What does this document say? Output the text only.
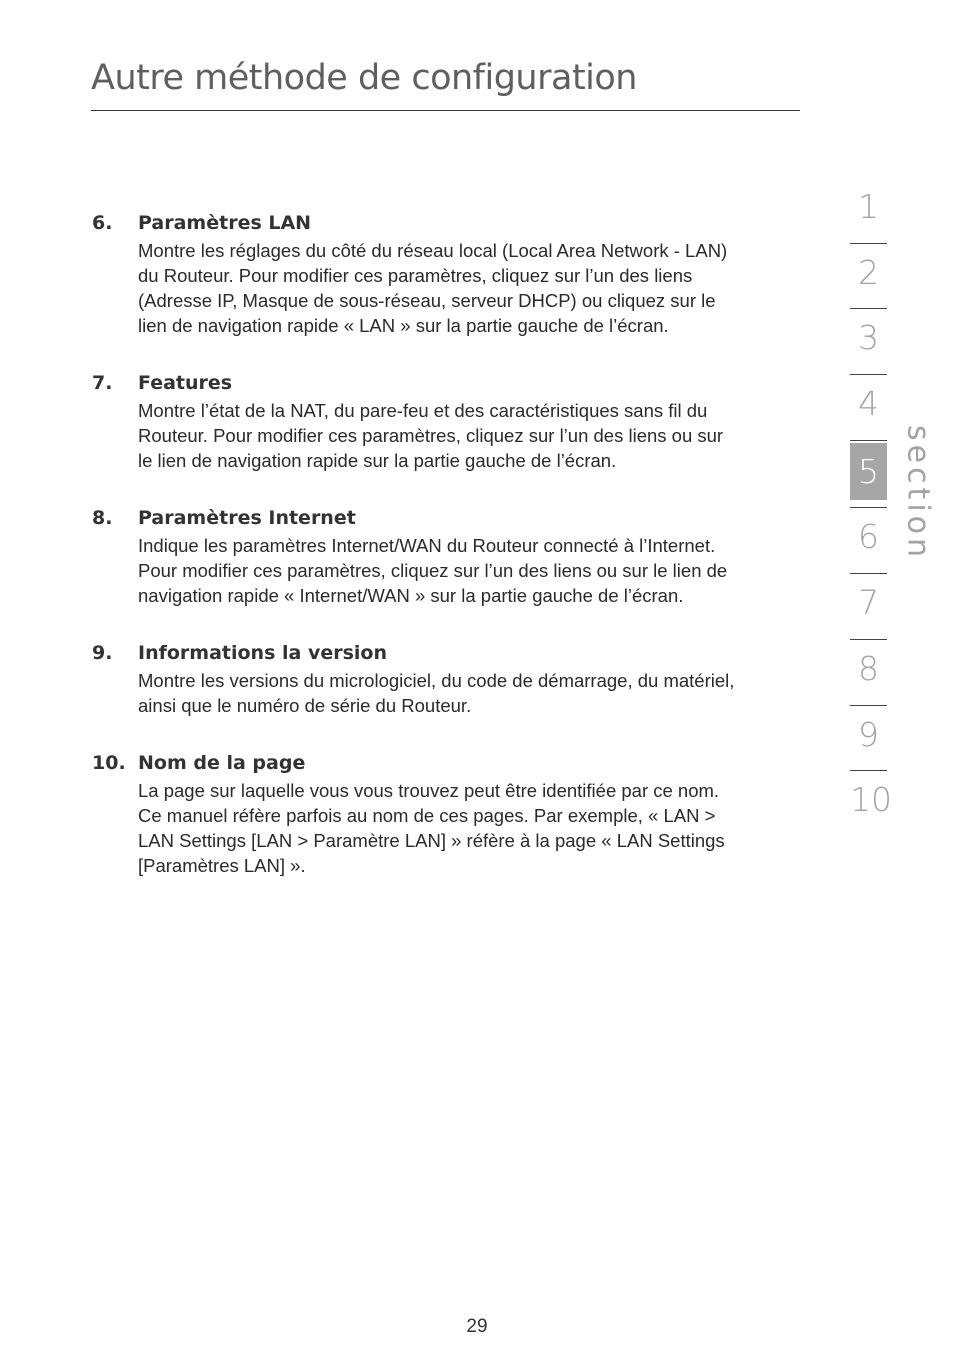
Autre méthode de configuration
6. Paramètres LAN

Montre les réglages du côté du réseau local (Local Area Network - LAN)

du Routeur. Pour modifier ces paramètres, cliquez sur l’un des liens

(Adresse IP, Masque de sous-réseau, serveur DHCP) ou cliquez sur le

lien de navigation rapide « LAN » sur la partie gauche de l’écran.

7. Features

Montre l’état de la NAT, du pare-feu et des caractéristiques sans fil du

Routeur. Pour modifier ces paramètres, cliquez sur l’un des liens ou sur

le lien de navigation rapide sur la partie gauche de l’écran.

8. Paramètres Internet

Indique les paramètres Internet/WAN du Routeur connecté à l’Internet.

Pour modifier ces paramètres, cliquez sur l’un des liens ou sur le lien de

navigation rapide « Internet/WAN » sur la partie gauche de l’écran.

9. Informations la version

Montre les versions du micrologiciel, du code de démarrage, du matériel,

ainsi que le numéro de série du Routeur.

10. Nom de la page

La page sur laquelle vous vous trouvez peut être identifiée par ce nom.

Ce manuel réfère parfois au nom de ces pages. Par exemple, « LAN >

LAN Settings [LAN > Paramètre LAN] » réfère à la page « LAN Settings

[Paramètres LAN] ».

1
2
3
4
5
6
7
8
9
10
section
29
